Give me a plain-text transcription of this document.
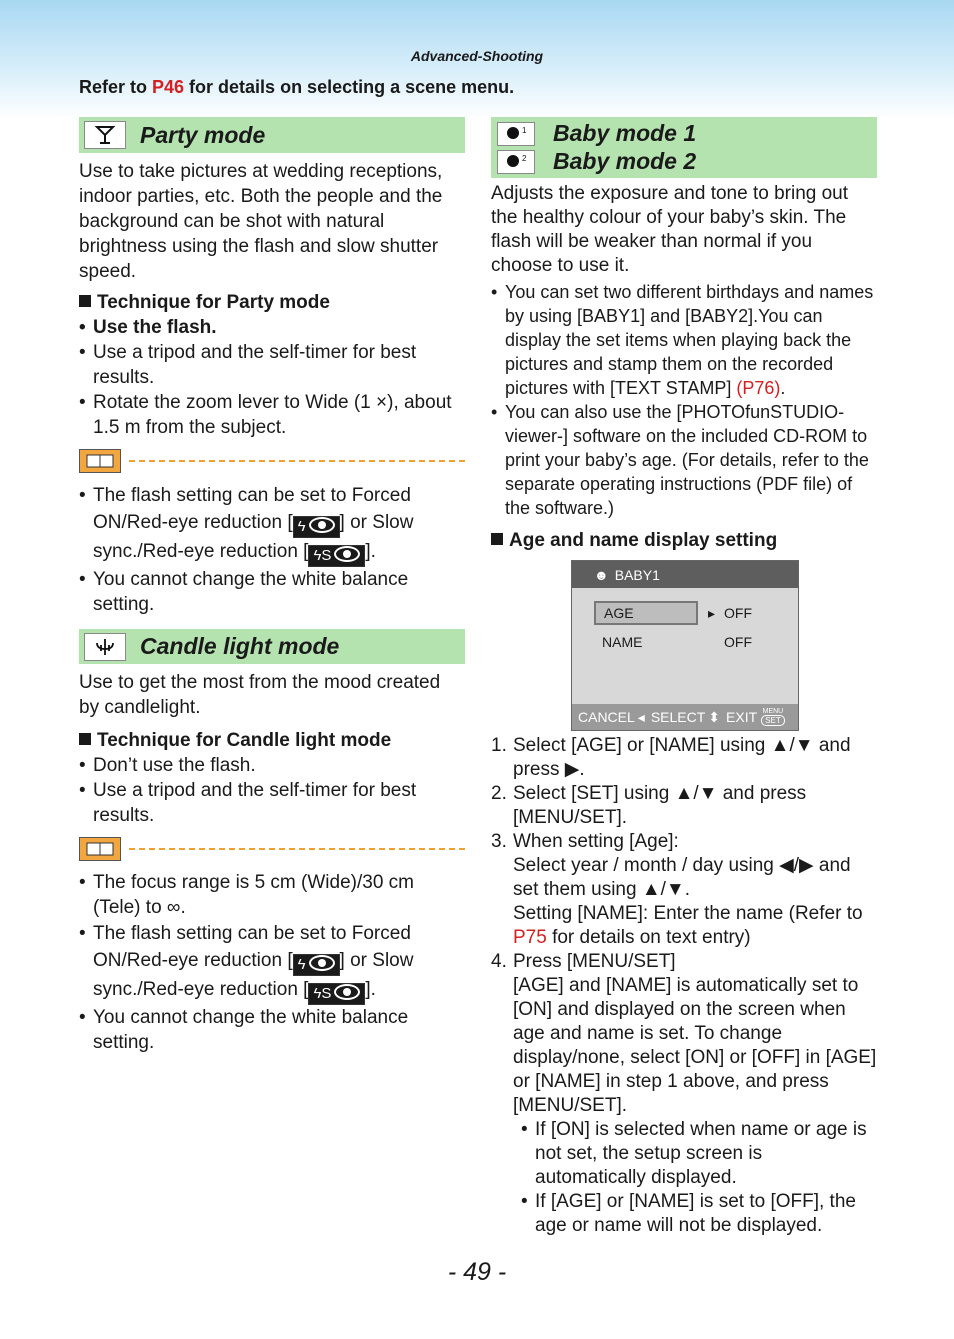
Advanced-Shooting
Refer to P46 for details on selecting a scene menu.
Party mode

Use to take pictures at wedding receptions, indoor parties, etc. Both the people and the background can be shot with natural brightness using the flash and slow shutter speed.

Technique for Party mode
• Use the flash.
• Use a tripod and the self-timer for best results.
• Rotate the zoom lever to Wide (1 ×), about 1.5 m from the subject.
• The flash setting can be set to Forced ON/Red-eye reduction [ ϟ ] or Slow sync./Red-eye reduction [ ϟS ].
• You cannot change the white balance setting.
Candle light mode

Use to get the most from the mood created by candlelight.

Technique for Candle light mode
• Don’t use the flash.
• Use a tripod and the self-timer for best results.
• The focus range is 5 cm (Wide)/30 cm (Tele) to ∞.
• The flash setting can be set to Forced ON/Red-eye reduction [ ϟ ] or Slow sync./Red-eye reduction [ ϟS ].
• You cannot change the white balance setting.
1 Baby mode 1
2 Baby mode 2

Adjusts the exposure and tone to bring out the healthy colour of your baby’s skin. The flash will be weaker than normal if you choose to use it.

• You can set two different birthdays and names by using [BABY1] and [BABY2].You can display the set items when playing back the pictures and stamp them on the recorded pictures with [TEXT STAMP] (P76).
• You can also use the [PHOTOfunSTUDIO-viewer-] software on the included CD-ROM to print your baby’s age. (For details, refer to the separate operating instructions (PDF file) of the software.)
Age and name display setting
☻ BABY1
AGE	▸ OFF
NAME	OFF
CANCEL ◂ SELECT ⬍ EXIT MENU
SET
1. Select [AGE] or [NAME] using ▲/▼ and press ▶.
2. Select [SET] using ▲/▼ and press [MENU/SET].
3. When setting [Age]:
Select year / month / day using ◀/▶ and set them using ▲/▼.
Setting [NAME]: Enter the name (Refer to P75 for details on text entry)
4. Press [MENU/SET]
[AGE] and [NAME] is automatically set to [ON] and displayed on the screen when age and name is set. To change display/none, select [ON] or [OFF] in [AGE] or [NAME] in step 1 above, and press [MENU/SET].
• If [ON] is selected when name or age is not set, the setup screen is automatically displayed.
• If [AGE] or [NAME] is set to [OFF], the age or name will not be displayed.
- 49 -
